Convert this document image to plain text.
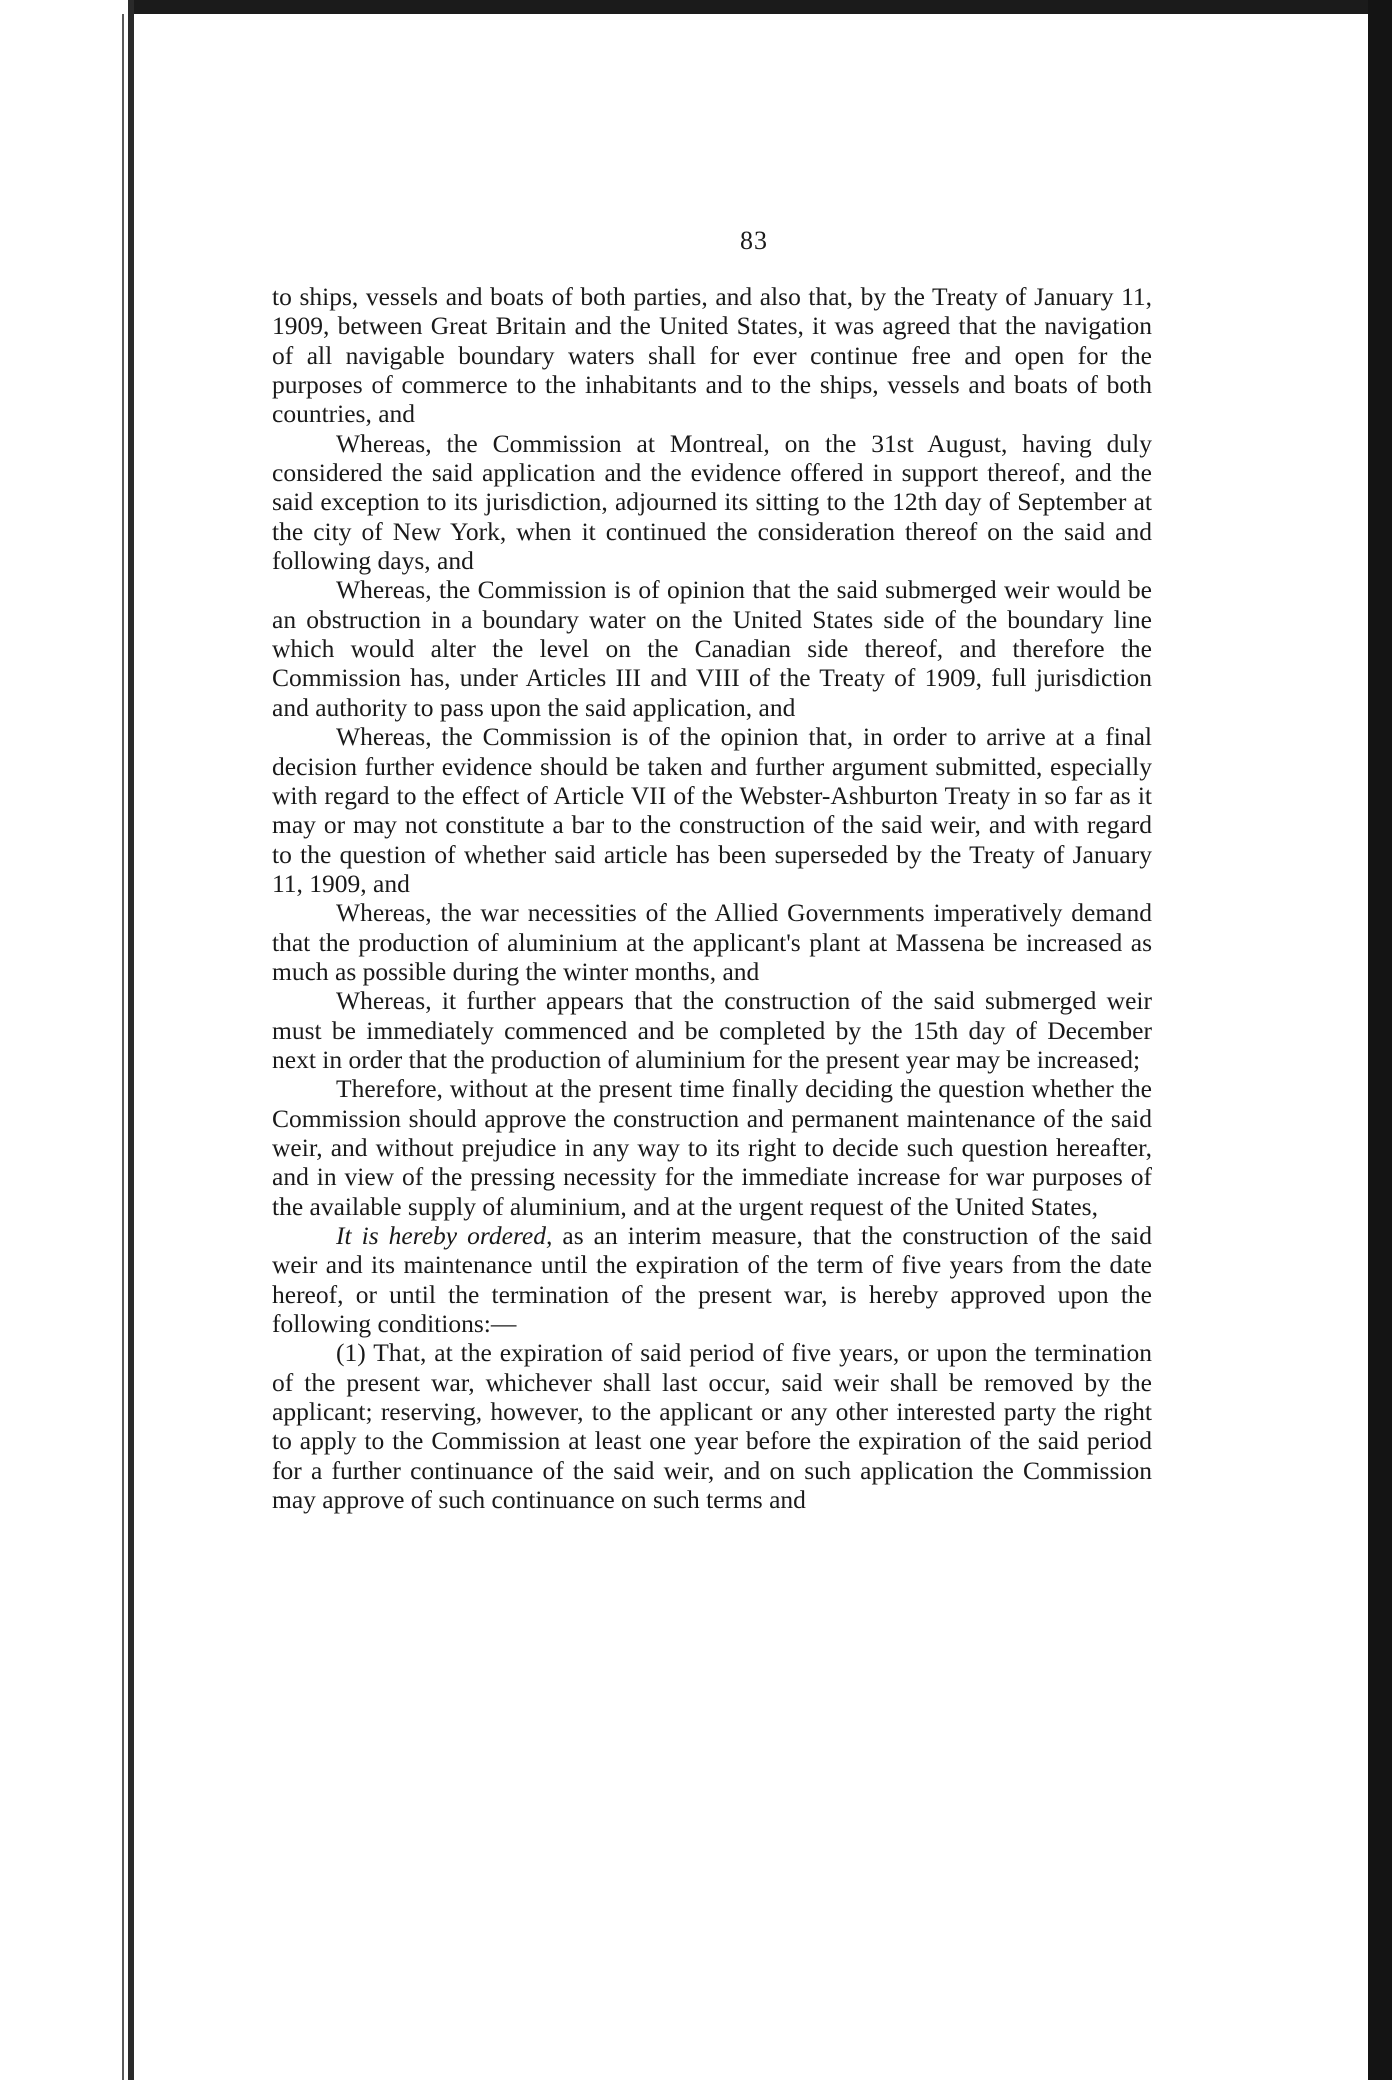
83

to ships, vessels and boats of both parties, and also that, by the Treaty of January 11, 1909, between Great Britain and the United States, it was agreed that the navigation of all navigable boundary waters shall for ever continue free and open for the purposes of commerce to the inhabitants and to the ships, vessels and boats of both countries, and

Whereas, the Commission at Montreal, on the 31st August, having duly considered the said application and the evidence offered in support thereof, and the said exception to its jurisdiction, adjourned its sitting to the 12th day of September at the city of New York, when it continued the consideration thereof on the said and following days, and

Whereas, the Commission is of opinion that the said submerged weir would be an obstruction in a boundary water on the United States side of the boundary line which would alter the level on the Canadian side thereof, and therefore the Commission has, under Articles III and VIII of the Treaty of 1909, full jurisdiction and authority to pass upon the said application, and

Whereas, the Commission is of the opinion that, in order to arrive at a final decision further evidence should be taken and further argument submitted, especially with regard to the effect of Article VII of the Webster-Ashburton Treaty in so far as it may or may not constitute a bar to the construction of the said weir, and with regard to the question of whether said article has been superseded by the Treaty of January 11, 1909, and

Whereas, the war necessities of the Allied Governments imperatively demand that the production of aluminium at the applicant's plant at Massena be increased as much as possible during the winter months, and

Whereas, it further appears that the construction of the said submerged weir must be immediately commenced and be completed by the 15th day of December next in order that the production of aluminium for the present year may be increased;

Therefore, without at the present time finally deciding the question whether the Commission should approve the construction and permanent maintenance of the said weir, and without prejudice in any way to its right to decide such question hereafter, and in view of the pressing necessity for the immediate increase for war purposes of the available supply of aluminium, and at the urgent request of the United States,

It is hereby ordered, as an interim measure, that the construction of the said weir and its maintenance until the expiration of the term of five years from the date hereof, or until the termination of the present war, is hereby approved upon the following conditions:—

(1) That, at the expiration of said period of five years, or upon the termination of the present war, whichever shall last occur, said weir shall be removed by the applicant; reserving, however, to the applicant or any other interested party the right to apply to the Commission at least one year before the expiration of the said period for a further continuance of the said weir, and on such application the Commission may approve of such continuance on such terms and
